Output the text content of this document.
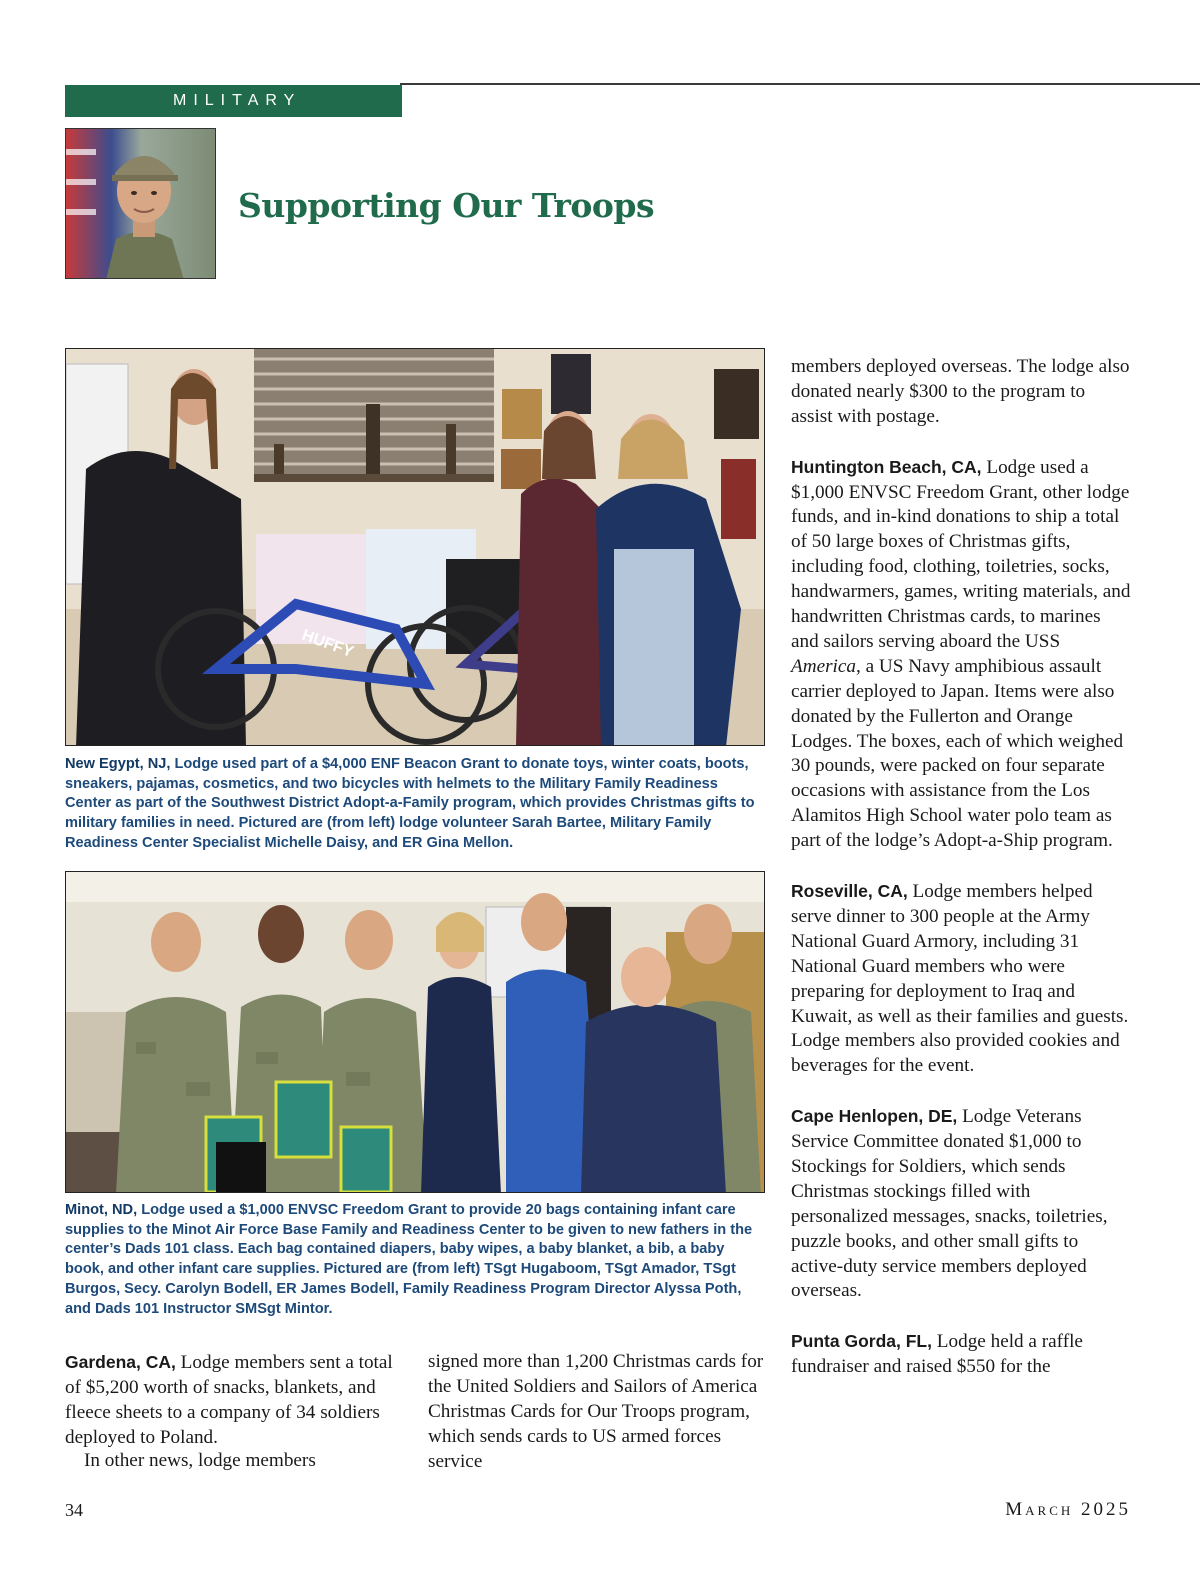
MILITARY
Supporting Our Troops
HUFFY

New Egypt, NJ, Lodge used part of a $4,000 ENF Beacon Grant to donate toys, winter coats, boots, sneakers, pajamas, cosmetics, and two bicycles with helmets to the Military Family Readiness Center as part of the Southwest District Adopt-a-Family program, which provides Christmas gifts to military families in need. Pictured are (from left) lodge volunteer Sarah Bartee, Military Family Readiness Center Specialist Michelle Daisy, and ER Gina Mellon.

Minot, ND, Lodge used a $1,000 ENVSC Freedom Grant to provide 20 bags containing infant care supplies to the Minot Air Force Base Family and Readiness Center to be given to new fathers in the center’s Dads 101 class. Each bag contained diapers, baby wipes, a baby blanket, a bib, a baby book, and other infant care supplies. Pictured are (from left) TSgt Hugaboom, TSgt Amador, TSgt Burgos, Secy. Carolyn Bodell, ER James Bodell, Family Readiness Program Director Alyssa Poth, and Dads 101 Instructor SMSgt Mintor.

Gardena, CA, Lodge members sent a total of $5,200 worth of snacks, blankets, and fleece sheets to a company of 34 soldiers deployed to Poland.

In other news, lodge members

signed more than 1,200 Christmas cards for the United Soldiers and Sailors of America Christmas Cards for Our Troops program, which sends cards to US armed forces service

members deployed overseas. The lodge also donated nearly $300 to the program to assist with postage.

Huntington Beach, CA, Lodge used a $1,000 ENVSC Freedom Grant, other lodge funds, and in-kind donations to ship a total of 50 large boxes of Christmas gifts, including food, clothing, toiletries, socks, handwarmers, games, writing materials, and handwritten Christmas cards, to marines and sailors serving aboard the USS America, a US Navy amphibious assault carrier deployed to Japan. Items were also donated by the Fullerton and Orange Lodges. The boxes, each of which weighed 30 pounds, were packed on four separate occasions with assistance from the Los Alamitos High School water polo team as part of the lodge’s Adopt-a-Ship program.

Roseville, CA, Lodge members helped serve dinner to 300 people at the Army National Guard Armory, including 31 National Guard members who were preparing for deployment to Iraq and Kuwait, as well as their families and guests. Lodge members also provided cookies and beverages for the event.

Cape Henlopen, DE, Lodge Veterans Service Committee donated $1,000 to Stockings for Soldiers, which sends Christmas stockings filled with personalized messages, snacks, toiletries, puzzle books, and other small gifts to active-duty service members deployed overseas.

Punta Gorda, FL, Lodge held a raffle fundraiser and raised $550 for the

34	March 2025
